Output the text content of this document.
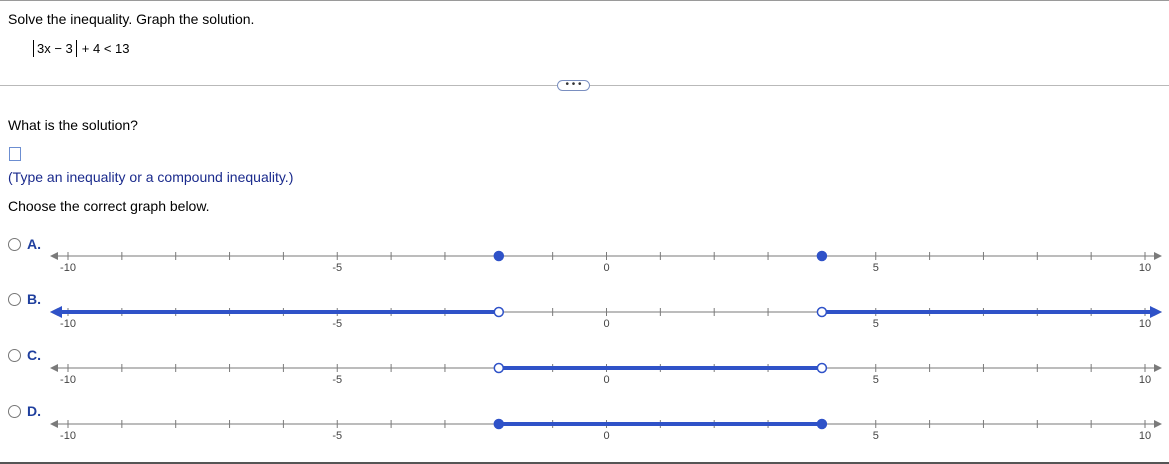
Solve the inequality. Graph the solution.
3x − 3 + 4 < 13
• • •
What is the solution?
(Type an inequality or a compound inequality.)
Choose the correct graph below.
A.
B.
C.
D.
-10	-5	0	5	10
-10	-5	0	5	10
-10	-5	0	5	10
-10	-5	0	5	10
